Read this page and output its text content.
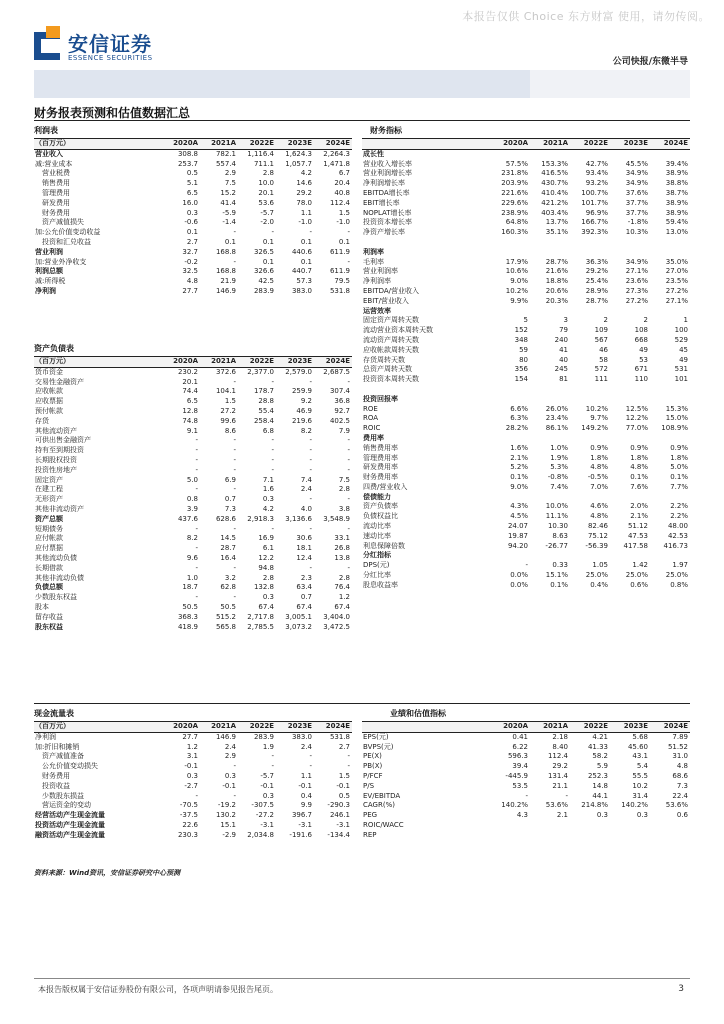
本报告仅供 Choice 东方财富 使用，请勿传阅。
安信证券
ESSENCE SECURITIES	公司快报/东微半导
财务报表预测和估值数据汇总
利润表
（百万元）	2020A	2021A	2022E	2023E	2024E
营业收入	308.8	782.1	1,116.4	1,624.3	2,264.3
减:营业成本	253.7	557.4	711.1	1,057.7	1,471.8
　营业税费	0.5	2.9	2.8	4.2	6.7
　销售费用	5.1	7.5	10.0	14.6	20.4
　管理费用	6.5	15.2	20.1	29.2	40.8
　研发费用	16.0	41.4	53.6	78.0	112.4
　财务费用	0.3	-5.9	-5.7	1.1	1.5
　资产减值损失	-0.6	-1.4	-2.0	-1.0	-1.0
加:公允价值变动收益	0.1	-	-	-	-
　投资和汇兑收益	2.7	0.1	0.1	0.1	0.1
营业利润	32.7	168.8	326.5	440.6	611.9
加:营业外净收支	-0.2	-	0.1	0.1	-
利润总额	32.5	168.8	326.6	440.7	611.9
减:所得税	4.8	21.9	42.5	57.3	79.5
净利润	27.7	146.9	283.9	383.0	531.8
财务指标
	2020A	2021A	2022E	2023E	2024E
成长性					
营业收入增长率	57.5%	153.3%	42.7%	45.5%	39.4%
营业利润增长率	231.8%	416.5%	93.4%	34.9%	38.9%
净利润增长率	203.9%	430.7%	93.2%	34.9%	38.8%
EBITDA增长率	221.6%	410.4%	100.7%	37.6%	38.7%
EBIT增长率	229.6%	421.2%	101.7%	37.7%	38.9%
NOPLAT增长率	238.9%	403.4%	96.9%	37.7%	38.9%
投资资本增长率	64.8%	13.7%	166.7%	-1.8%	59.4%
净资产增长率	160.3%	35.1%	392.3%	10.3%	13.0%

利润率					
毛利率	17.9%	28.7%	36.3%	34.9%	35.0%
营业利润率	10.6%	21.6%	29.2%	27.1%	27.0%
净利润率	9.0%	18.8%	25.4%	23.6%	23.5%
EBITDA/营业收入	10.2%	20.6%	28.9%	27.3%	27.2%
EBIT/营业收入	9.9%	20.3%	28.7%	27.2%	27.1%
运营效率					
固定资产周转天数	5	3	2	2	1
流动营业资本周转天数	152	79	109	108	100
流动资产周转天数	348	240	567	668	529
应收帐款周转天数	59	41	46	49	45
存货周转天数	80	40	58	53	49
总资产周转天数	356	245	572	671	531
投资资本周转天数	154	81	111	110	101

投资回报率					
ROE	6.6%	26.0%	10.2%	12.5%	15.3%
ROA	6.3%	23.4%	9.7%	12.2%	15.0%
ROIC	28.2%	86.1%	149.2%	77.0%	108.9%
费用率					
销售费用率	1.6%	1.0%	0.9%	0.9%	0.9%
管理费用率	2.1%	1.9%	1.8%	1.8%	1.8%
研发费用率	5.2%	5.3%	4.8%	4.8%	5.0%
财务费用率	0.1%	-0.8%	-0.5%	0.1%	0.1%
四费/营业收入	9.0%	7.4%	7.0%	7.6%	7.7%
偿债能力					
资产负债率	4.3%	10.0%	4.6%	2.0%	2.2%
负债权益比	4.5%	11.1%	4.8%	2.1%	2.2%
流动比率	24.07	10.30	82.46	51.12	48.00
速动比率	19.87	8.63	75.12	47.53	42.53
利息保障倍数	94.20	-26.77	-56.39	417.58	416.73
分红指标					
DPS(元)	-	0.33	1.05	1.42	1.97
分红比率	0.0%	15.1%	25.0%	25.0%	25.0%
股息收益率	0.0%	0.1%	0.4%	0.6%	0.8%
资产负债表
（百万元）	2020A	2021A	2022E	2023E	2024E
货币资金	230.2	372.6	2,377.0	2,579.0	2,687.5
交易性金融资产	20.1	-	-	-	-
应收帐款	74.4	104.1	178.7	259.9	307.4
应收票据	6.5	1.5	28.8	9.2	36.8
预付帐款	12.8	27.2	55.4	46.9	92.7
存货	74.8	99.6	258.4	219.6	402.5
其他流动资产	9.1	8.6	6.8	8.2	7.9
可供出售金融资产	-	-	-	-	-
持有至到期投资	-	-	-	-	-
长期股权投资	-	-	-	-	-
投资性房地产	-	-	-	-	-
固定资产	5.0	6.9	7.1	7.4	7.5
在建工程	-	-	1.6	2.4	2.8
无形资产	0.8	0.7	0.3	-	-
其他非流动资产	3.9	7.3	4.2	4.0	3.8
资产总额	437.6	628.6	2,918.3	3,136.6	3,548.9
短期债务	-	-	-	-	-
应付帐款	8.2	14.5	16.9	30.6	33.1
应付票据	-	28.7	6.1	18.1	26.8
其他流动负债	9.6	16.4	12.2	12.4	13.8
长期借款	-	-	94.8	-	-
其他非流动负债	1.0	3.2	2.8	2.3	2.8
负债总额	18.7	62.8	132.8	63.4	76.4
少数股东权益	-	-	0.3	0.7	1.2
股本	50.5	50.5	67.4	67.4	67.4
留存收益	368.3	515.2	2,717.8	3,005.1	3,404.0
股东权益	418.9	565.8	2,785.5	3,073.2	3,472.5
现金流量表
（百万元）	2020A	2021A	2022E	2023E	2024E
净利润	27.7	146.9	283.9	383.0	531.8
加:折旧和摊销	1.2	2.4	1.9	2.4	2.7
　资产减值准备	3.1	2.9	-	-	-
　公允价值变动损失	-0.1	-	-	-	-
　财务费用	0.3	0.3	-5.7	1.1	1.5
　投资收益	-2.7	-0.1	-0.1	-0.1	-0.1
　少数股东损益	-	-	0.3	0.4	0.5
　营运资金的变动	-70.5	-19.2	-307.5	9.9	-290.3
经营活动产生现金流量	-37.5	130.2	-27.2	396.7	246.1
投资活动产生现金流量	22.6	15.1	-3.1	-3.1	-3.1
融资活动产生现金流量	230.3	-2.9	2,034.8	-191.6	-134.4
业绩和估值指标
	2020A	2021A	2022E	2023E	2024E
EPS(元)	0.41	2.18	4.21	5.68	7.89
BVPS(元)	6.22	8.40	41.33	45.60	51.52
PE(X)	596.3	112.4	58.2	43.1	31.0
PB(X)	39.4	29.2	5.9	5.4	4.8
P/FCF	-445.9	131.4	252.3	55.5	68.6
P/S	53.5	21.1	14.8	10.2	7.3
EV/EBITDA	-	-	44.1	31.4	22.4
CAGR(%)	140.2%	53.6%	214.8%	140.2%	53.6%
PEG	4.3	2.1	0.3	0.3	0.6
ROIC/WACC					
REP					
资料来源：Wind资讯，安信证券研究中心预测
本报告版权属于安信证券股份有限公司，各项声明请参见报告尾页。	3
